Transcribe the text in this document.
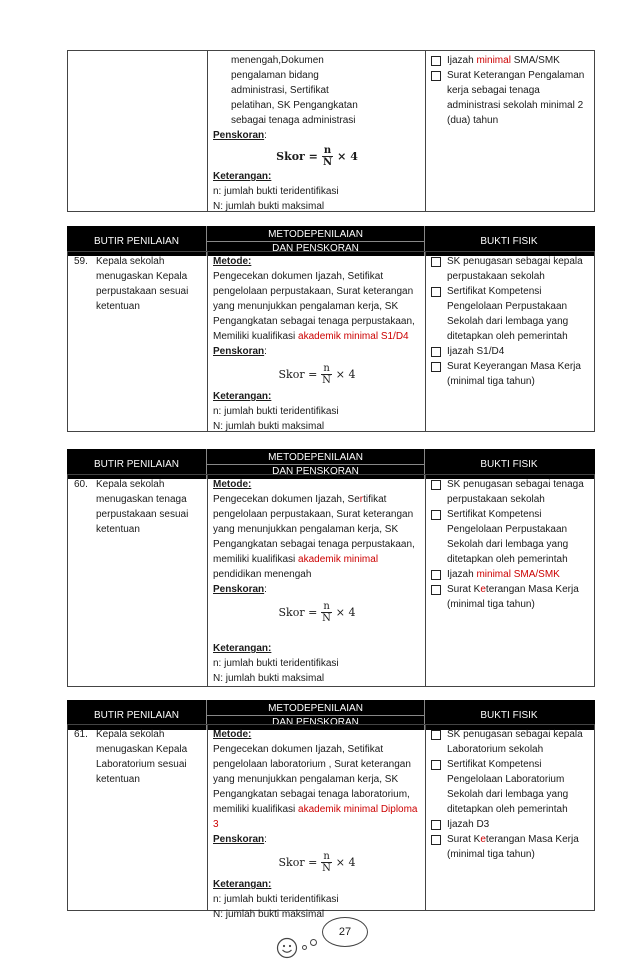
menengah,Dokumen
pengalaman bidang
administrasi, Sertifikat
pelatihan, SK Pengangkatan
sebagai tenaga administrasi
Penskoran:
Skor = $\frac{n}{N} \times 4$
Keterangan:
n: jumlah bukti teridentifikasi
N: jumlah bukti maksimal
Ijazah minimal SMA/SMK
Surat Keterangan Pengalaman kerja sebagai tenaga administrasi sekolah minimal 2 (dua) tahun
BUTIR PENILAIAN
METODEPENILAIAN
DAN PENSKORAN
BUKTI FISIK
59. Kepala sekolah menugaskan Kepala perpustakaan sesuai ketentuan
Metode:
Pengecekan dokumen Ijazah, Setifikat pengelolaan perpustakaan, Surat keterangan yang menunjukkan pengalaman kerja, SK Pengangkatan sebagai tenaga perpustakaan, Memiliki kualifikasi akademik minimal S1/D4
Penskoran:
Skor = $\frac{n}{N} \times 4$
Keterangan:
n: jumlah bukti teridentifikasi
N: jumlah bukti maksimal
SK penugasan sebagai kepala perpustakaan sekolah
Sertifikat Kompetensi Pengelolaan Perpustakaan Sekolah dari lembaga yang ditetapkan oleh pemerintah
Ijazah S1/D4
Surat Keyerangan Masa Kerja (minimal tiga tahun)
BUTIR PENILAIAN
METODEPENILAIAN
DAN PENSKORAN
BUKTI FISIK
60. Kepala sekolah menugaskan tenaga perpustakaan sesuai ketentuan
Metode:
Pengecekan dokumen Ijazah, Sertifikat pengelolaan perpustakaan, Surat keterangan yang menunjukkan pengalaman kerja, SK Pengangkatan sebagai tenaga perpustakaan, memiliki kualifikasi akademik minimal pendidikan menengah
Penskoran:
Skor = $\frac{n}{N} \times 4$
Keterangan:
n: jumlah bukti teridentifikasi
N: jumlah bukti maksimal
SK penugasan sebagai tenaga perpustakaan sekolah
Sertifikat Kompetensi Pengelolaan Perpustakaan Sekolah dari lembaga yang ditetapkan oleh pemerintah
Ijazah minimal SMA/SMK
Surat Keterangan Masa Kerja (minimal tiga tahun)
BUTIR PENILAIAN
METODEPENILAIAN
DAN PENSKORAN
BUKTI FISIK
61. Kepala sekolah menugaskan Kepala Laboratorium sesuai ketentuan
Metode:
Pengecekan dokumen Ijazah, Setifikat pengelolaan laboratorium , Surat keterangan yang menunjukkan pengalaman kerja, SK Pengangkatan sebagai tenaga laboratorium, memiliki kualifikasi akademik minimal Diploma 3
Penskoran:
Skor = $\frac{n}{N} \times 4$
Keterangan:
n: jumlah bukti teridentifikasi
N: jumlah bukti maksimal
SK penugasan sebagai kepala Laboratorium sekolah
Sertifikat Kompetensi Pengelolaan Laboratorium Sekolah dari lembaga yang ditetapkan oleh pemerintah
Ijazah D3
Surat Keterangan Masa Kerja (minimal tiga tahun)
27
